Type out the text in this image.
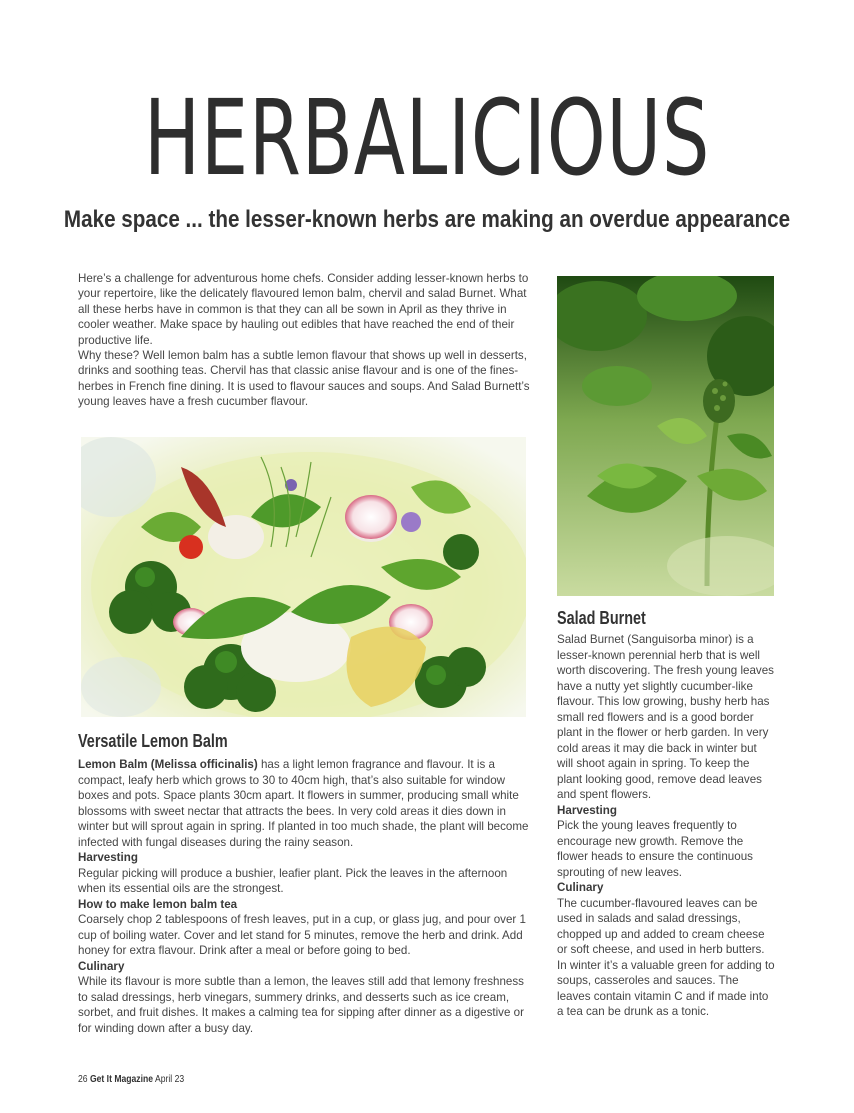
HERBALICIOUS
Make space ... the lesser-known herbs are making an overdue appearance

Here’s a challenge for adventurous home chefs. Consider adding lesser-known herbs to your repertoire, like the delicately flavoured lemon balm, chervil and salad Burnet. What all these herbs have in common is that they can all be sown in April as they thrive in cooler weather. Make space by hauling out edibles that have reached the end of their productive life.

Why these? Well lemon balm has a subtle lemon flavour that shows up well in desserts, drinks and soothing teas. Chervil has that classic anise flavour and is one of the fines-herbes in French fine dining. It is used to flavour sauces and soups. And Salad Burnett’s young leaves have a fresh cucumber flavour.

Versatile Lemon Balm

Lemon Balm (Melissa officinalis) has a light lemon fragrance and flavour. It is a compact, leafy herb which grows to 30 to 40cm high, that’s also suitable for window boxes and pots. Space plants 30cm apart. It flowers in summer, producing small white blossoms with sweet nectar that attracts the bees. In very cold areas it dies down in winter but will sprout again in spring. If planted in too much shade, the plant will become infected with fungal diseases during the rainy season.

Harvesting

Regular picking will produce a bushier, leafier plant. Pick the leaves in the afternoon when its essential oils are the strongest.

How to make lemon balm tea

Coarsely chop 2 tablespoons of fresh leaves, put in a cup, or glass jug, and pour over 1 cup of boiling water. Cover and let stand for 5 minutes, remove the herb and drink. Add honey for extra flavour. Drink after a meal or before going to bed.

Culinary

While its flavour is more subtle than a lemon, the leaves still add that lemony freshness to salad dressings, herb vinegars, summery drinks, and desserts such as ice cream, sorbet, and fruit dishes. It makes a calming tea for sipping after dinner as a digestive or for winding down after a busy day.

Salad Burnet

Salad Burnet (Sanguisorba minor) is a lesser-known perennial herb that is well worth discovering. The fresh young leaves have a nutty yet slightly cucumber-like flavour. This low growing, bushy herb has small red flowers and is a good border plant in the flower or herb garden. In very cold areas it may die back in winter but will shoot again in spring. To keep the plant looking good, remove dead leaves and spent flowers.

Harvesting

Pick the young leaves frequently to encourage new growth. Remove the flower heads to ensure the continuous sprouting of new leaves.

Culinary

The cucumber-flavoured leaves can be used in salads and salad dressings, chopped up and added to cream cheese or soft cheese, and used in herb butters. In winter it’s a valuable green for adding to soups, casseroles and sauces. The leaves contain vitamin C and if made into a tea can be drunk as a tonic.

26 Get It Magazine April 23
